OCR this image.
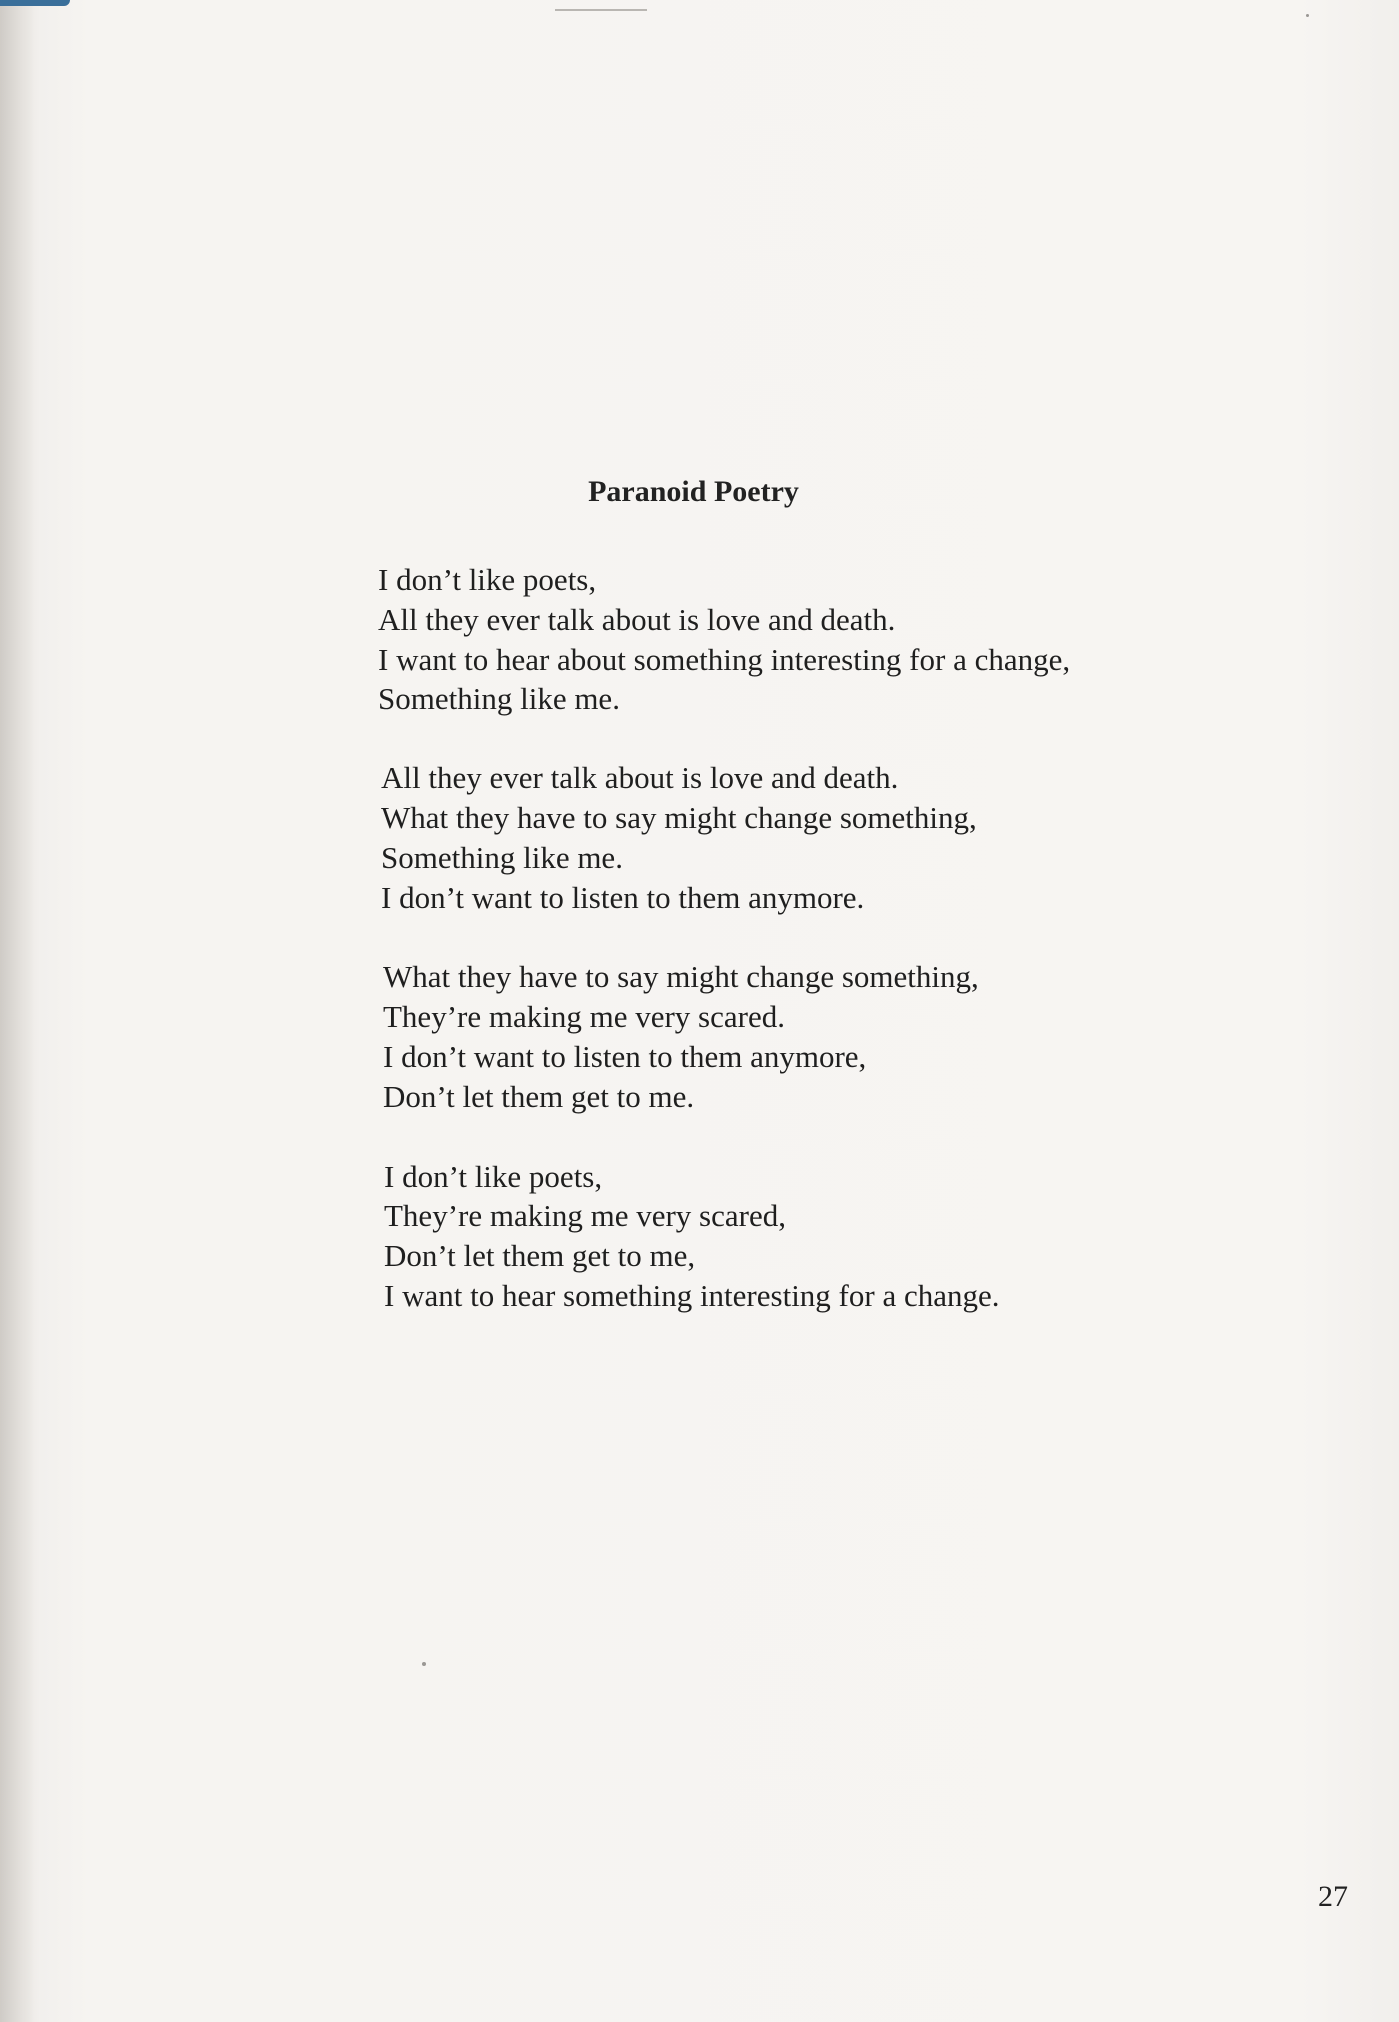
Paranoid Poetry
I don’t like poets,
All they ever talk about is love and death.
I want to hear about something interesting for a change,
Something like me.
All they ever talk about is love and death.
What they have to say might change something,
Something like me.
I don’t want to listen to them anymore.
What they have to say might change something,
They’re making me very scared.
I don’t want to listen to them anymore,
Don’t let them get to me.
I don’t like poets,
They’re making me very scared,
Don’t let them get to me,
I want to hear something interesting for a change.
27
